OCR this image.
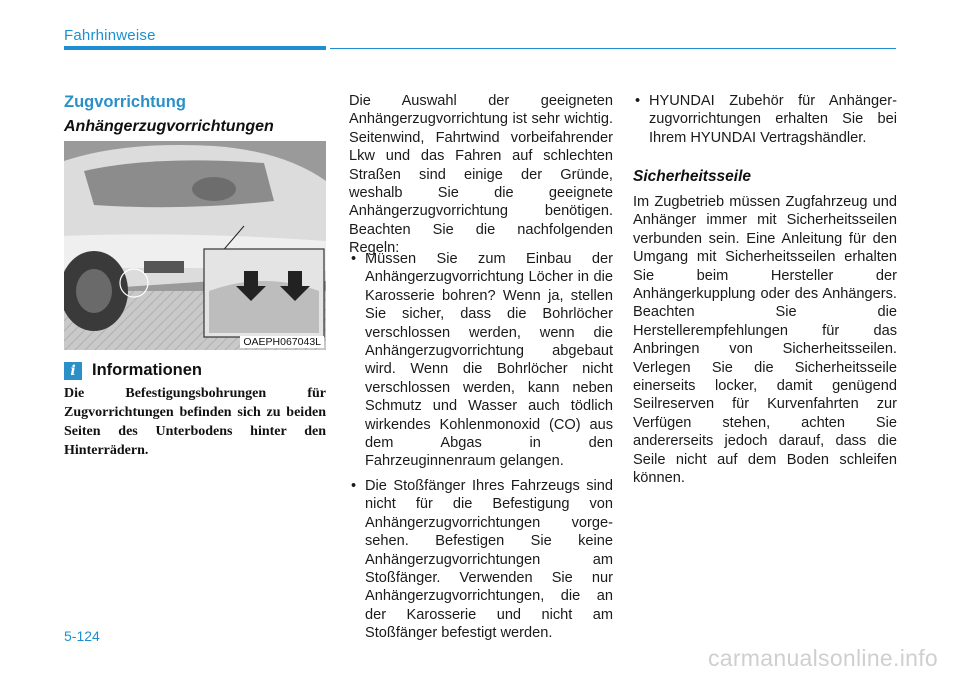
Fahrhinweise
Zugvorrichtung
Anhängerzugvorrichtungen
OAEPH067043L
i Informationen
Die Befestigungsbohrungen für Zugvorrichtungen befinden sich zu beiden Seiten des Unterbodens hinter den Hinterrädern.

Die Auswahl der geeigneten Anhängerzugvorrichtung ist sehr wichtig. Seitenwind, Fahrtwind vorbeifahrender Lkw und das Fahren auf schlechten Straßen sind einige der Gründe, weshalb Sie die geeignete Anhängerzugvorrichtung benötigen. Beachten Sie die nachfolgenden Regeln:

• Müssen Sie zum Einbau der Anhängerzugvorrichtung Löcher in die Karosserie bohren? Wenn ja, stellen Sie sicher, dass die Bohrlöcher verschlossen werden, wenn die Anhängerzugvorrichtung abgebaut wird. Wenn die Bohrlöcher nicht verschlossen werden, kann neben Schmutz und Wasser auch tödlich wirkendes Kohlenmonoxid (CO) aus dem Abgas in den Fahrzeuginnenraum gelangen.
• Die Stoßfänger Ihres Fahrzeugs sind nicht für die Befestigung von Anhängerzugvorrichtungen vorge-sehen. Befestigen Sie keine Anhängerzugvorrichtungen am Stoßfänger. Verwenden Sie nur Anhängerzugvorrichtungen, die an der Karosserie und nicht am Stoßfänger befestigt werden.
• HYUNDAI Zubehör für Anhänger-zugvorrichtungen erhalten Sie bei Ihrem HYUNDAI Vertragshändler.
Sicherheitsseile

Im Zugbetrieb müssen Zugfahrzeug und Anhänger immer mit Sicherheitsseilen verbunden sein. Eine Anleitung für den Umgang mit Sicherheitsseilen erhalten Sie beim Hersteller der Anhängerkupplung oder des Anhängers. Beachten Sie die Herstellerempfehlungen für das Anbringen von Sicherheitsseilen. Verlegen Sie die Sicherheitsseile einerseits locker, damit genügend Seilreserven für Kurvenfahrten zur Verfügen stehen, achten Sie andererseits jedoch darauf, dass die Seile nicht auf dem Boden schleifen können.

5-124
carmanualsonline.info
